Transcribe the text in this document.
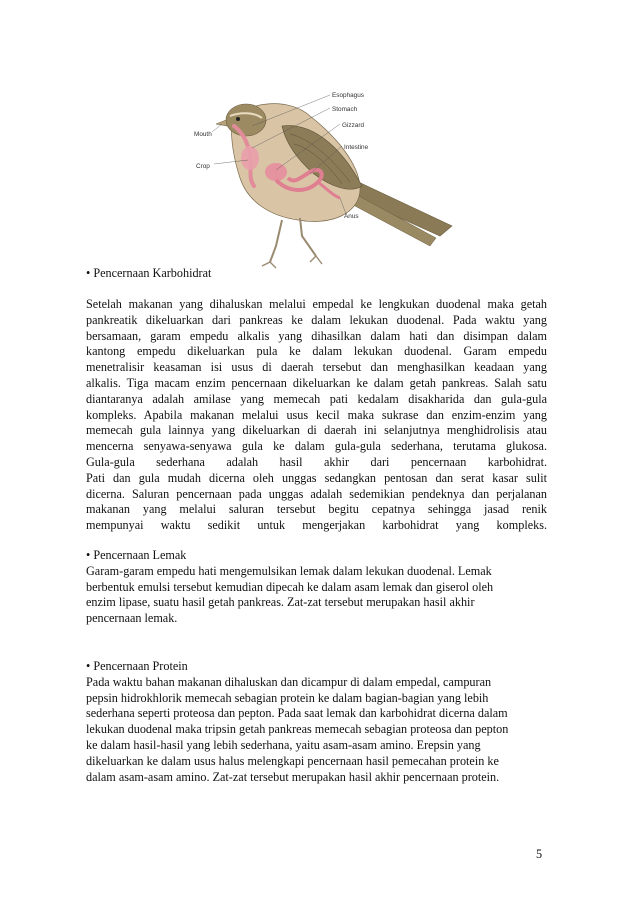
Esophagus
Stomach
Mouth
Gizzard
Intestine
Crop
Anus

• Pencernaan Karbohidrat

Setelah makanan yang dihaluskan melalui empedal ke lengkukan duodenal maka getah
pankreatik dikeluarkan dari pankreas ke dalam lekukan duodenal. Pada waktu yang
bersamaan, garam empedu alkalis yang dihasilkan dalam hati dan disimpan dalam
kantong empedu dikeluarkan pula ke dalam lekukan duodenal. Garam empedu
menetralisir keasaman isi usus di daerah tersebut dan menghasilkan keadaan yang
alkalis. Tiga macam enzim pencernaan dikeluarkan ke dalam getah pankreas. Salah satu
diantaranya adalah amilase yang memecah pati kedalam disakharida dan gula-gula
kompleks. Apabila makanan melalui usus kecil maka sukrase dan enzim-enzim yang
memecah gula lainnya yang dikeluarkan di daerah ini selanjutnya menghidrolisis atau
mencerna senyawa-senyawa gula ke dalam gula-gula sederhana, terutama glukosa.
Gula-gula sederhana adalah hasil akhir dari pencernaan karbohidrat.
Pati dan gula mudah dicerna oleh unggas sedangkan pentosan dan serat kasar sulit
dicerna. Saluran pencernaan pada unggas adalah sedemikian pendeknya dan perjalanan
makanan yang melalui saluran tersebut begitu cepatnya sehingga jasad renik
mempunyai waktu sedikit untuk mengerjakan karbohidrat yang kompleks.
• Pencernaan Lemak
Garam-garam empedu hati mengemulsikan lemak dalam lekukan duodenal. Lemak
berbentuk emulsi tersebut kemudian dipecah ke dalam asam lemak dan giserol oleh
enzim lipase, suatu hasil getah pankreas. Zat-zat tersebut merupakan hasil akhir
pencernaan lemak.
• Pencernaan Protein
Pada waktu bahan makanan dihaluskan dan dicampur di dalam empedal, campuran
pepsin hidrokhlorik memecah sebagian protein ke dalam bagian-bagian yang lebih
sederhana seperti proteosa dan pepton. Pada saat lemak dan karbohidrat dicerna dalam
lekukan duodenal maka tripsin getah pankreas memecah sebagian proteosa dan pepton
ke dalam hasil-hasil yang lebih sederhana, yaitu asam-asam amino. Erepsin yang
dikeluarkan ke dalam usus halus melengkapi pencernaan hasil pemecahan protein ke
dalam asam-asam amino. Zat-zat tersebut merupakan hasil akhir pencernaan protein.
5
